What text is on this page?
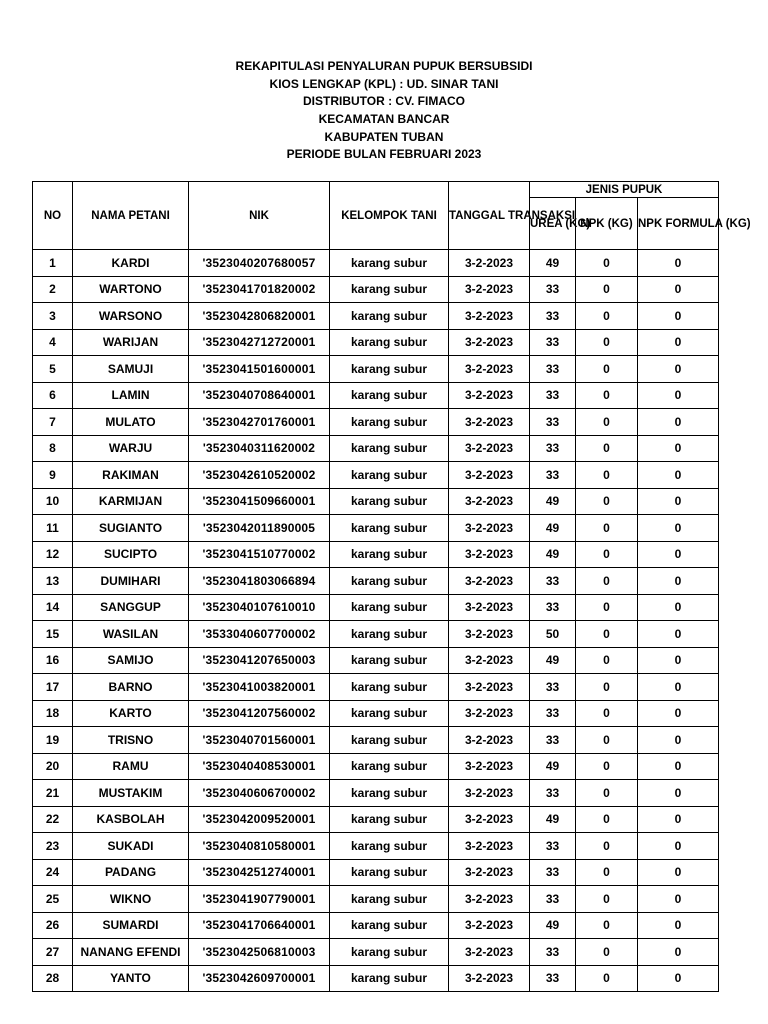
REKAPITULASI PENYALURAN PUPUK BERSUBSIDI
KIOS LENGKAP (KPL) : UD. SINAR TANI
DISTRIBUTOR : CV. FIMACO
KECAMATAN BANCAR
KABUPATEN TUBAN
PERIODE BULAN FEBRUARI 2023
NO	NAMA PETANI	NIK	KELOMPOK TANI	TANGGAL TRANSAKSI	JENIS PUPUK		
					UREA (KG)	NPK (KG)	NPK FORMULA (KG)
1	KARDI	'3523040207680057	karang subur	3-2-2023	49	0	0
2	WARTONO	'3523041701820002	karang subur	3-2-2023	33	0	0
3	WARSONO	'3523042806820001	karang subur	3-2-2023	33	0	0
4	WARIJAN	'3523042712720001	karang subur	3-2-2023	33	0	0
5	SAMUJI	'3523041501600001	karang subur	3-2-2023	33	0	0
6	LAMIN	'3523040708640001	karang subur	3-2-2023	33	0	0
7	MULATO	'3523042701760001	karang subur	3-2-2023	33	0	0
8	WARJU	'3523040311620002	karang subur	3-2-2023	33	0	0
9	RAKIMAN	'3523042610520002	karang subur	3-2-2023	33	0	0
10	KARMIJAN	'3523041509660001	karang subur	3-2-2023	49	0	0
11	SUGIANTO	'3523042011890005	karang subur	3-2-2023	49	0	0
12	SUCIPTO	'3523041510770002	karang subur	3-2-2023	49	0	0
13	DUMIHARI	'3523041803066894	karang subur	3-2-2023	33	0	0
14	SANGGUP	'3523040107610010	karang subur	3-2-2023	33	0	0
15	WASILAN	'3533040607700002	karang subur	3-2-2023	50	0	0
16	SAMIJO	'3523041207650003	karang subur	3-2-2023	49	0	0
17	BARNO	'3523041003820001	karang subur	3-2-2023	33	0	0
18	KARTO	'3523041207560002	karang subur	3-2-2023	33	0	0
19	TRISNO	'3523040701560001	karang subur	3-2-2023	33	0	0
20	RAMU	'3523040408530001	karang subur	3-2-2023	49	0	0
21	MUSTAKIM	'3523040606700002	karang subur	3-2-2023	33	0	0
22	KASBOLAH	'3523042009520001	karang subur	3-2-2023	49	0	0
23	SUKADI	'3523040810580001	karang subur	3-2-2023	33	0	0
24	PADANG	'3523042512740001	karang subur	3-2-2023	33	0	0
25	WIKNO	'3523041907790001	karang subur	3-2-2023	33	0	0
26	SUMARDI	'3523041706640001	karang subur	3-2-2023	49	0	0
27	NANANG EFENDI	'3523042506810003	karang subur	3-2-2023	33	0	0
28	YANTO	'3523042609700001	karang subur	3-2-2023	33	0	0
